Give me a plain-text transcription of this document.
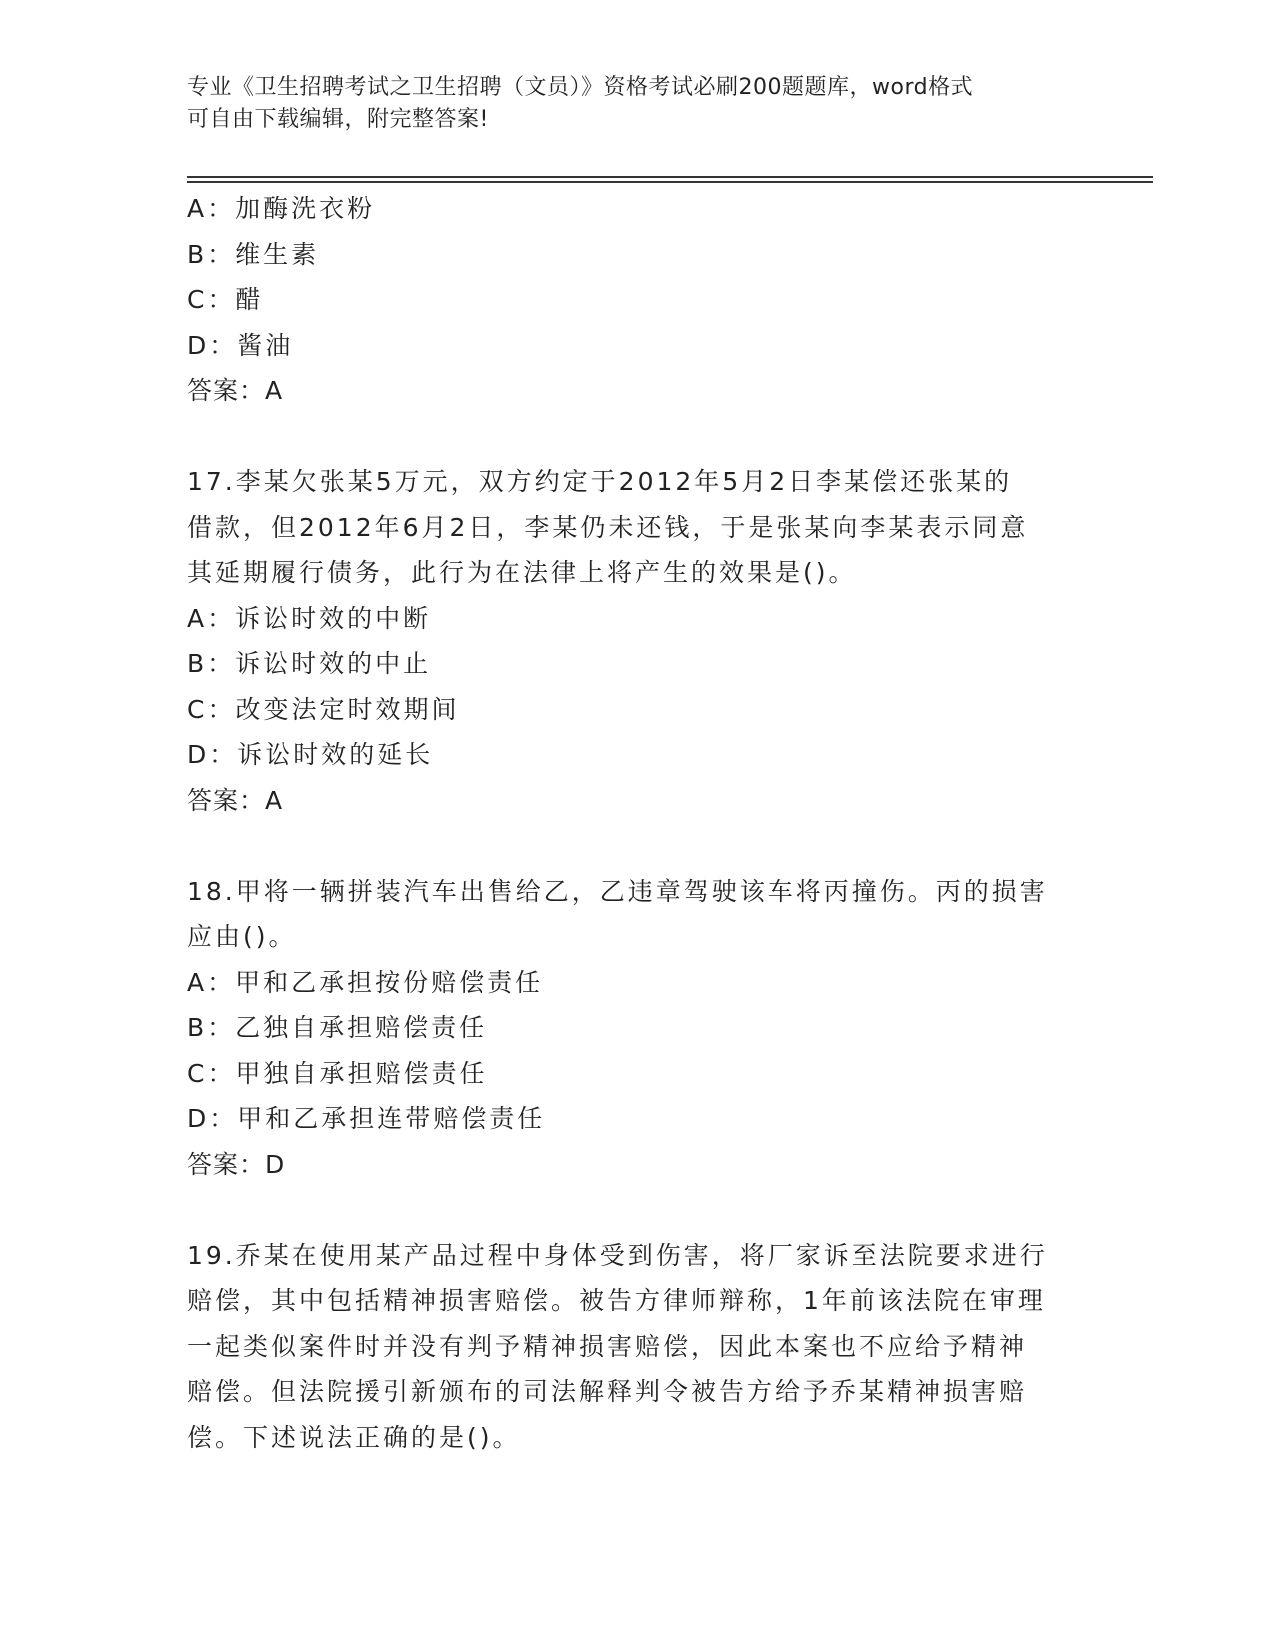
专业《卫生招聘考试之卫生招聘（文员）》资格考试必刷200题题库，word格式
可自由下载编辑，附完整答案!
A：加酶洗衣粉
B：维生素
C：醋
D：酱油
答案：A
17.李某欠张某5万元，双方约定于2012年5月2日李某偿还张某的
借款，但2012年6月2日，李某仍未还钱，于是张某向李某表示同意
其延期履行债务，此行为在法律上将产生的效果是()。
A：诉讼时效的中断
B：诉讼时效的中止
C：改变法定时效期间
D：诉讼时效的延长
答案：A
18.甲将一辆拼装汽车出售给乙，乙违章驾驶该车将丙撞伤。丙的损害
应由()。
A：甲和乙承担按份赔偿责任
B：乙独自承担赔偿责任
C：甲独自承担赔偿责任
D：甲和乙承担连带赔偿责任
答案：D
19.乔某在使用某产品过程中身体受到伤害，将厂家诉至法院要求进行
赔偿，其中包括精神损害赔偿。被告方律师辩称，1年前该法院在审理
一起类似案件时并没有判予精神损害赔偿，因此本案也不应给予精神
赔偿。但法院援引新颁布的司法解释判令被告方给予乔某精神损害赔
偿。下述说法正确的是()。
